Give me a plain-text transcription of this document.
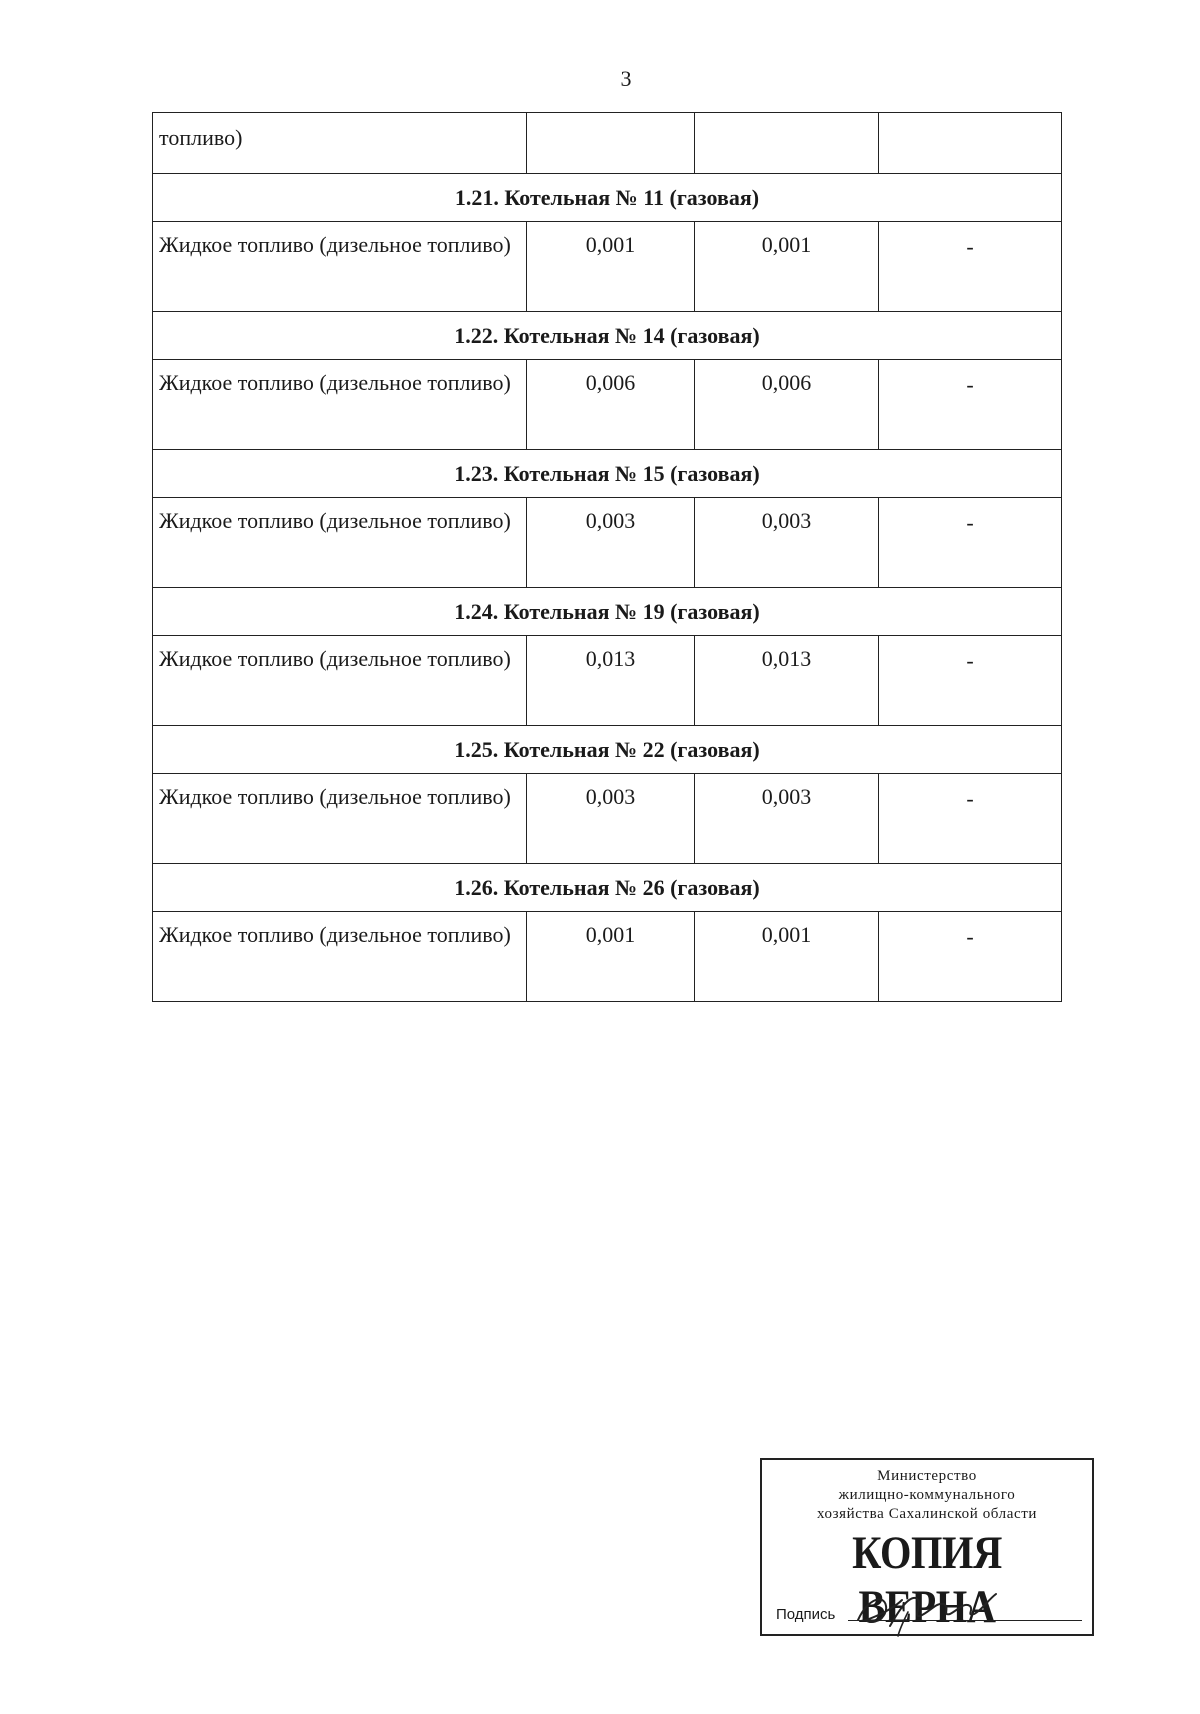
3
топливо)			
1.21. Котельная № 11 (газовая)			
Жидкое топливо (дизельное топливо)	0,001	0,001	-
1.22. Котельная № 14 (газовая)			
Жидкое топливо (дизельное топливо)	0,006	0,006	-
1.23. Котельная № 15 (газовая)			
Жидкое топливо (дизельное топливо)	0,003	0,003	-
1.24. Котельная № 19 (газовая)			
Жидкое топливо (дизельное топливо)	0,013	0,013	-
1.25. Котельная № 22 (газовая)			
Жидкое топливо (дизельное топливо)	0,003	0,003	-
1.26. Котельная № 26 (газовая)			
Жидкое топливо (дизельное топливо)	0,001	0,001	-
Министерство
жилищно-коммунального
хозяйства Сахалинской области
КОПИЯ ВЕРНА
Подпись
